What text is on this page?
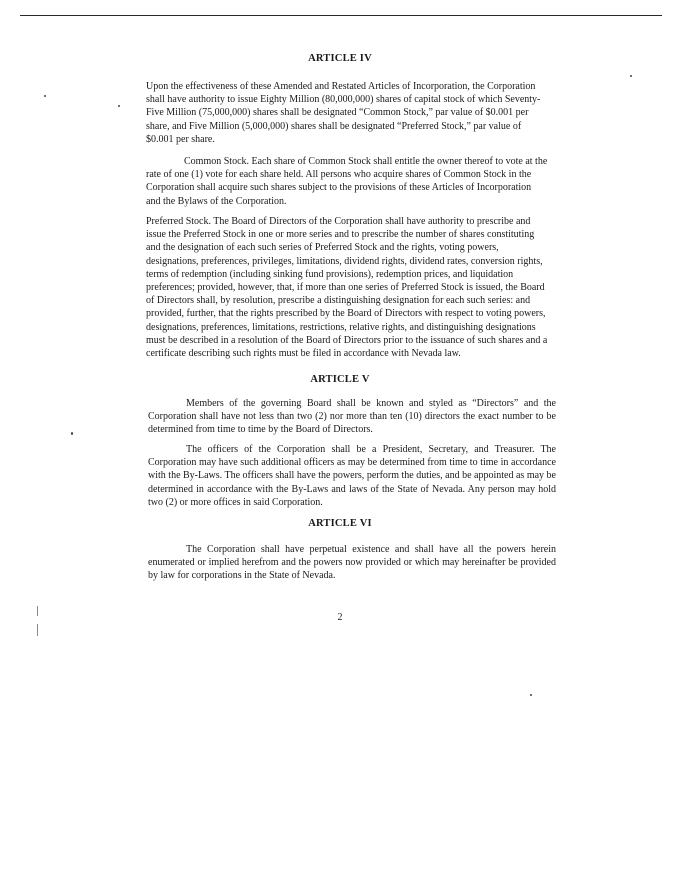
ARTICLE IV

Upon the effectiveness of these Amended and Restated Articles of Incorporation, the Corporation shall have authority to issue Eighty Million (80,000,000) shares of capital stock of which Seventy-Five Million (75,000,000) shares shall be designated “Common Stock,” par value of $0.001 per share, and Five Million (5,000,000) shares shall be designated “Preferred Stock,” par value of $0.001 per share.

Common Stock. Each share of Common Stock shall entitle the owner thereof to vote at the rate of one (1) vote for each share held. All persons who acquire shares of Common Stock in the Corporation shall acquire such shares subject to the provisions of these Articles of Incorporation and the Bylaws of the Corporation.

Preferred Stock. The Board of Directors of the Corporation shall have authority to prescribe and issue the Preferred Stock in one or more series and to prescribe the number of shares constituting and the designation of each such series of Preferred Stock and the rights, voting powers, designations, preferences, privileges, limitations, dividend rights, dividend rates, conversion rights, terms of redemption (including sinking fund provisions), redemption prices, and liquidation preferences; provided, however, that, if more than one series of Preferred Stock is issued, the Board of Directors shall, by resolution, prescribe a distinguishing designation for each such series: and provided, further, that the rights prescribed by the Board of Directors with respect to voting powers, designations, preferences, limitations, restrictions, relative rights, and distinguishing designations must be described in a resolution of the Board of Directors prior to the issuance of such shares and a certificate describing such rights must be filed in accordance with Nevada law.

ARTICLE V

Members of the governing Board shall be known and styled as “Directors” and the Corporation shall have not less than two (2) nor more than ten (10) directors the exact number to be determined from time to time by the Board of Directors.

The officers of the Corporation shall be a President, Secretary, and Treasurer. The Corporation may have such additional officers as may be determined from time to time in accordance with the By-Laws. The officers shall have the powers, perform the duties, and be appointed as may be determined in accordance with the By-Laws and laws of the State of Nevada. Any person may hold two (2) or more offices in said Corporation.

ARTICLE VI

The Corporation shall have perpetual existence and shall have all the powers herein enumerated or implied herefrom and the powers now provided or which may hereinafter be provided by law for corporations in the State of Nevada.

2
